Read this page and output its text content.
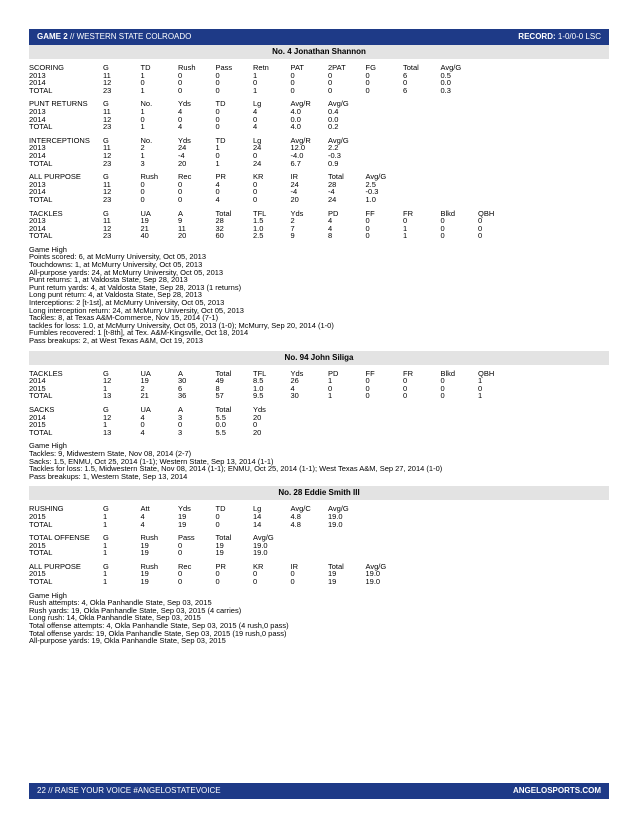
GAME 2 // WESTERN STATE COLROADO	RECORD: 1-0/0-0 LSC
No. 4 Jonathan Shannon
SCORING	G	TD	Rush	Pass	Retn	PAT	2PAT	FG	Total	Avg/G
2013	11	1	0	0	1	0	0	0	6	0.5
2014	12	0	0	0	0	0	0	0	0	0.0
TOTAL	23	1	0	0	1	0	0	0	6	0.3
PUNT RETURNS	G	No.	Yds	TD	Lg	Avg/R	Avg/G
2013	11	1	4	0	4	4.0	0.4
2014	12	0	0	0	0	0.0	0.0
TOTAL	23	1	4	0	4	4.0	0.2
INTERCEPTIONS	G	No.	Yds	TD	Lg	Avg/R	Avg/G
2013	11	2	24	1	24	12.0	2.2
2014	12	1	-4	0	0	-4.0	-0.3
TOTAL	23	3	20	1	24	6.7	0.9
ALL PURPOSE	G	Rush	Rec	PR	KR	IR	Total	Avg/G
2013	11	0	0	4	0	24	28	2.5
2014	12	0	0	0	0	-4	-4	-0.3
TOTAL	23	0	0	4	0	20	24	1.0
TACKLES	G	UA	A	Total	TFL	Yds	PD	FF	FR	Blkd	QBH
2013	11	19	9	28	1.5	2	4	0	0	0	0
2014	12	21	11	32	1.0	7	4	0	1	0	0
TOTAL	23	40	20	60	2.5	9	8	0	1	0	0
Game High
Points scored: 6, at McMurry University, Oct 05, 2013
Touchdowns: 1, at McMurry University, Oct 05, 2013
All-purpose yards: 24, at McMurry University, Oct 05, 2013
Punt returns: 1, at Valdosta State, Sep 28, 2013
Punt return yards: 4, at Valdosta State, Sep 28, 2013 (1 returns)
Long punt return: 4, at Valdosta State, Sep 28, 2013
Interceptions: 2 [t-1st], at McMurry University, Oct 05, 2013
Long interception return: 24, at McMurry University, Oct 05, 2013
Tackles: 8, at Texas A&M-Commerce, Nov 15, 2014 (7-1)
tackles for loss: 1.0, at McMurry University, Oct 05, 2013 (1-0); McMurry, Sep 20, 2014 (1-0)
Fumbles recovered: 1 [t-8th], at Tex. A&M-Kingsville, Oct 18, 2014
Pass breakups: 2, at West Texas A&M, Oct 19, 2013
No. 94 John Siliga
TACKLES	G	UA	A	Total	TFL	Yds	PD	FF	FR	Blkd	QBH
2014	12	19	30	49	8.5	26	1	0	0	0	1
2015	1	2	6	8	1.0	4	0	0	0	0	0
TOTAL	13	21	36	57	9.5	30	1	0	0	0	1
SACKS	G	UA	A	Total	Yds
2014	12	4	3	5.5	20
2015	1	0	0	0.0	0
TOTAL	13	4	3	5.5	20
Game High
Tackles: 9, Midwestern State, Nov 08, 2014 (2-7)
Sacks: 1.5, ENMU, Oct 25, 2014 (1-1); Western State, Sep 13, 2014 (1-1)
Tackles for loss: 1.5, Midwestern State, Nov 08, 2014 (1-1); ENMU, Oct 25, 2014 (1-1); West Texas A&M, Sep 27, 2014 (1-0)
Pass breakups: 1, Western State, Sep 13, 2014
No. 28 Eddie Smith III
RUSHING	G	Att	Yds	TD	Lg	Avg/C	Avg/G
2015	1	4	19	0	14	4.8	19.0
TOTAL	1	4	19	0	14	4.8	19.0
TOTAL OFFENSE	G	Rush	Pass	Total	Avg/G
2015	1	19	0	19	19.0
TOTAL	1	19	0	19	19.0
ALL PURPOSE	G	Rush	Rec	PR	KR	IR	Total	Avg/G
2015	1	19	0	0	0	0	19	19.0
TOTAL	1	19	0	0	0	0	19	19.0
Game High
Rush attempts: 4, Okla Panhandle State, Sep 03, 2015
Rush yards: 19, Okla Panhandle State, Sep 03, 2015 (4 carries)
Long rush: 14, Okla Panhandle State, Sep 03, 2015
Total offense attempts: 4, Okla Panhandle State, Sep 03, 2015 (4 rush,0 pass)
Total offense yards: 19, Okla Panhandle State, Sep 03, 2015 (19 rush,0 pass)
All-purpose yards: 19, Okla Panhandle State, Sep 03, 2015
22 // RAISE YOUR VOICE #ANGELOSTATEVOICE	ANGELOSPORTS.COM
